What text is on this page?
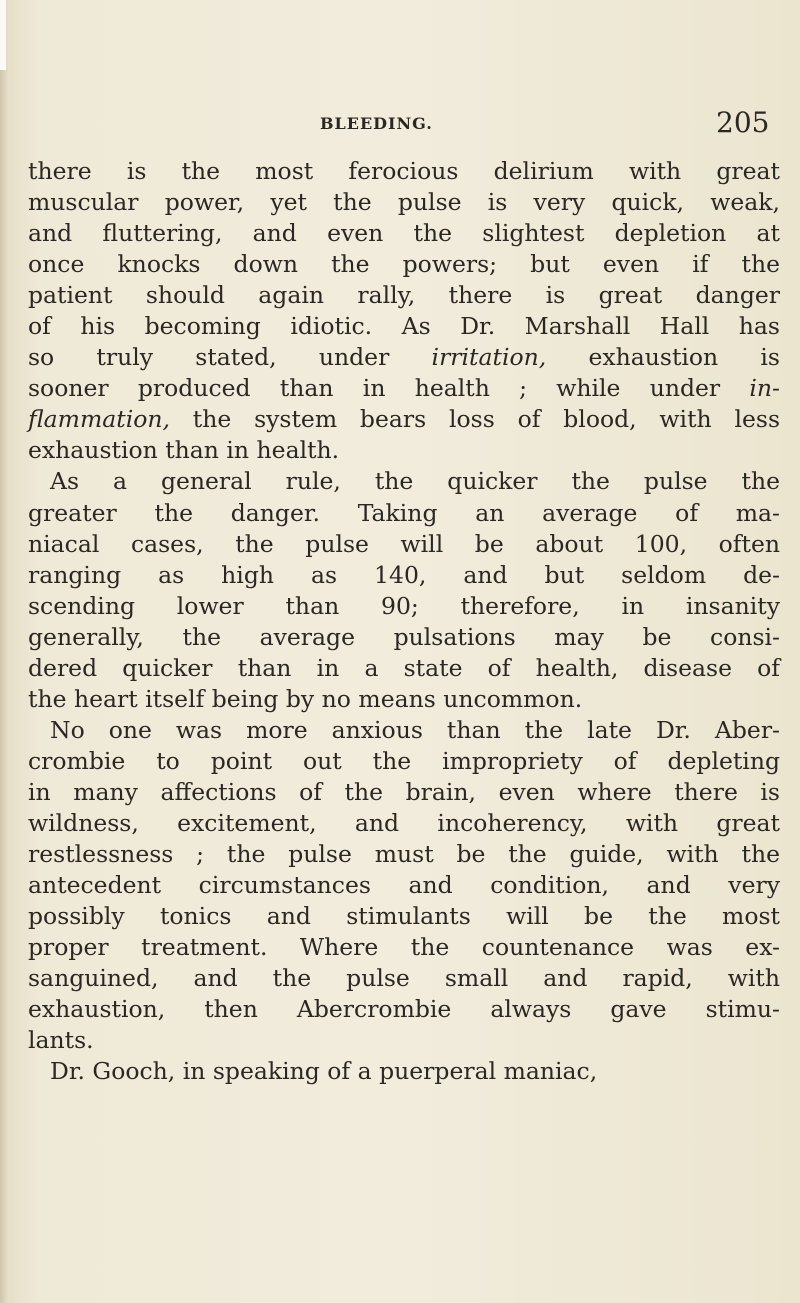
BLEEDING.	205
there is the most ferocious delirium with great
muscular power, yet the pulse is very quick, weak,
and fluttering, and even the slightest depletion at
once knocks down the powers; but even if the
patient should again rally, there is great danger
of his becoming idiotic. As Dr. Marshall Hall has
so truly stated, under irritation, exhaustion is
sooner produced than in health ; while under in-
flammation, the system bears loss of blood, with less
exhaustion than in health.
As a general rule, the quicker the pulse the
greater the danger. Taking an average of ma-
niacal cases, the pulse will be about 100, often
ranging as high as 140, and but seldom de-
scending lower than 90; therefore, in insanity
generally, the average pulsations may be consi-
dered quicker than in a state of health, disease of
the heart itself being by no means uncommon.
No one was more anxious than the late Dr. Aber-
crombie to point out the impropriety of depleting
in many affections of the brain, even where there is
wildness, excitement, and incoherency, with great
restlessness ; the pulse must be the guide, with the
antecedent circumstances and condition, and very
possibly tonics and stimulants will be the most
proper treatment. Where the countenance was ex-
sanguined, and the pulse small and rapid, with
exhaustion, then Abercrombie always gave stimu-
lants.
Dr. Gooch, in speaking of a puerperal maniac,
